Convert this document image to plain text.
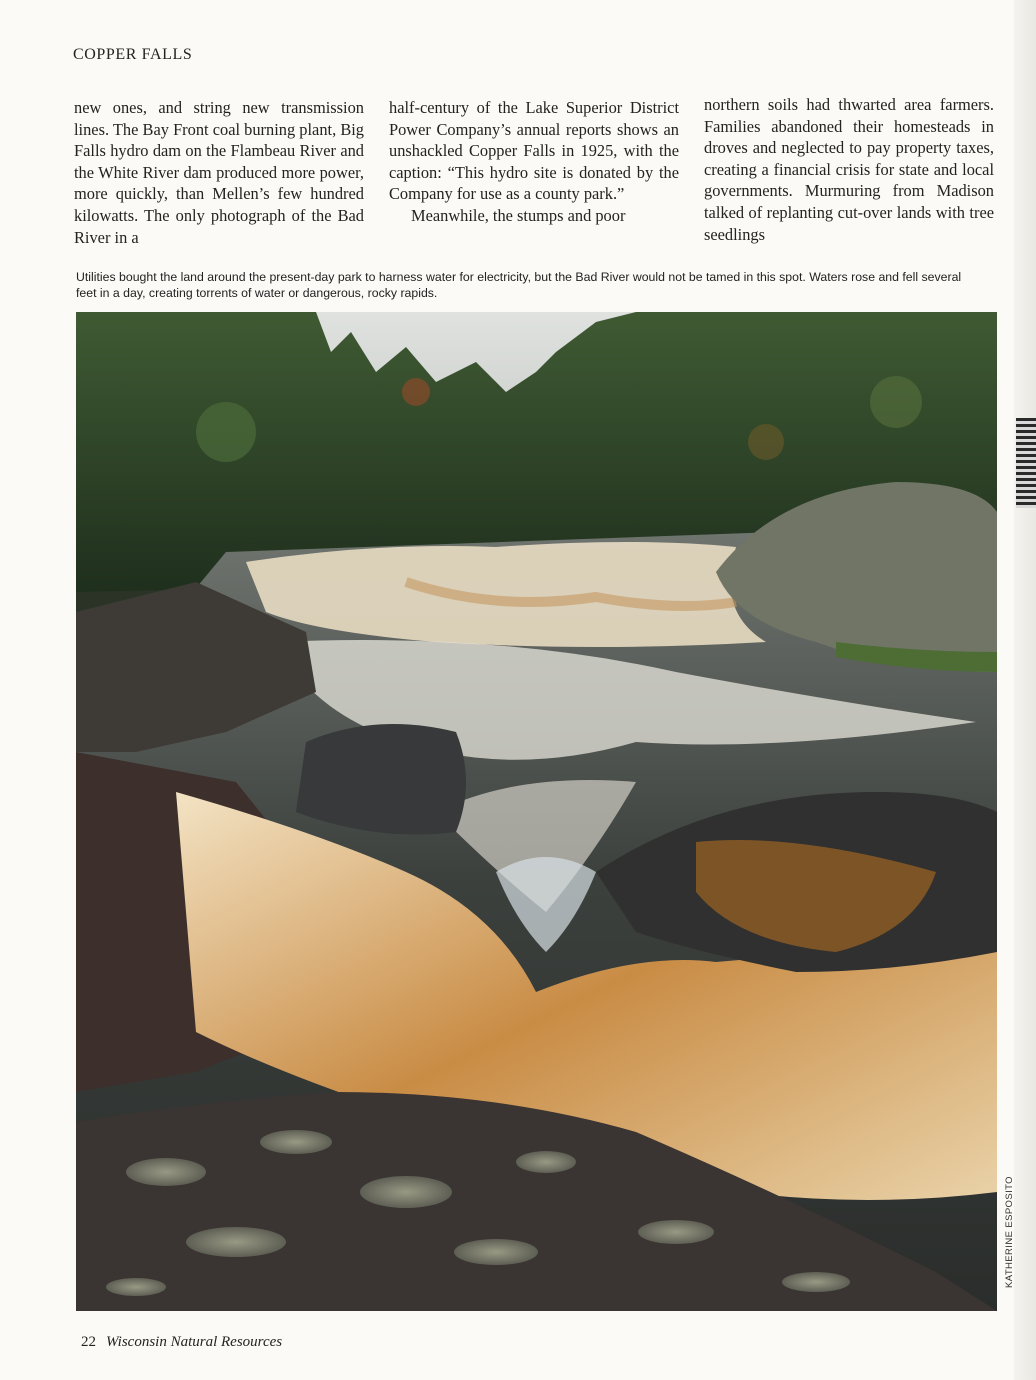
COPPER FALLS

new ones, and string new transmission lines. The Bay Front coal burning plant, Big Falls hydro dam on the Flambeau River and the White River dam produced more power, more quickly, than Mellen’s few hundred kilowatts. The only photograph of the Bad River in a

half-century of the Lake Superior District Power Company’s annual reports shows an unshackled Copper Falls in 1925, with the caption: “This hydro site is donated by the Company for use as a county park.”

Meanwhile, the stumps and poor

northern soils had thwarted area farmers. Families abandoned their homesteads in droves and neglected to pay property taxes, creating a financial crisis for state and local governments. Murmuring from Madison talked of replanting cut-over lands with tree seedlings

Utilities bought the land around the present-day park to harness water for electricity, but the Bad River would not be tamed in this spot. Waters rose and fell several feet in a day, creating torrents of water or dangerous, rocky rapids.

KATHERINE ESPOSITO
22 Wisconsin Natural Resources
